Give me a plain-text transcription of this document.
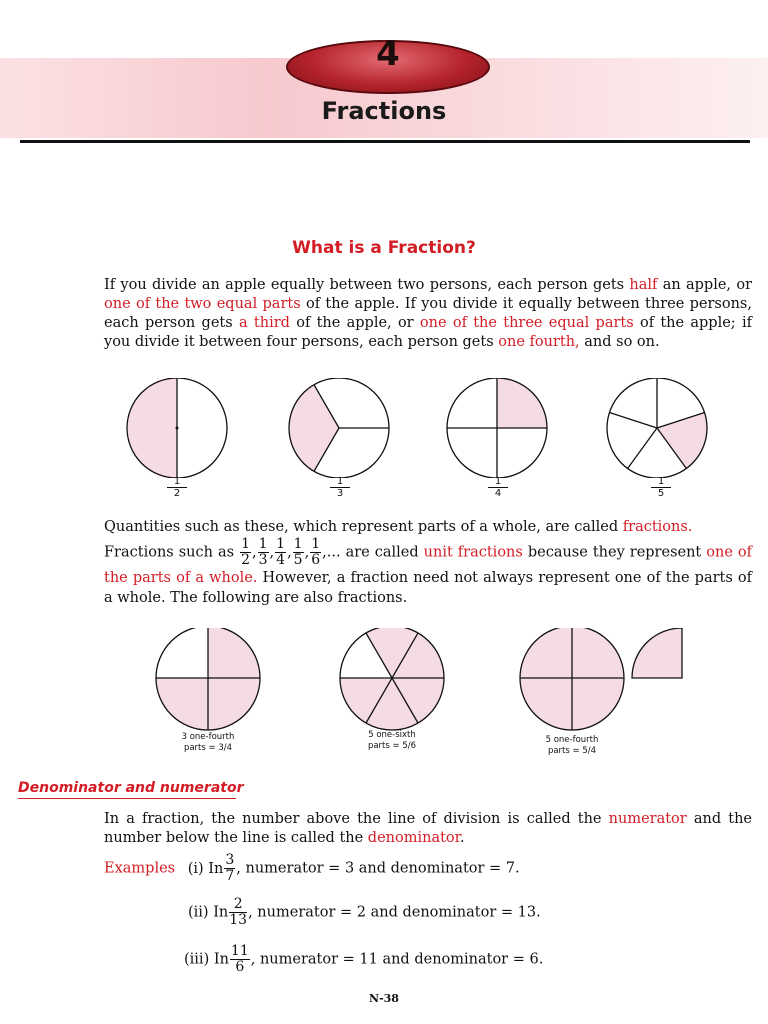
4
Fractions
What is a Fraction?
If you divide an apple equally between two persons, each person gets half an apple, or one of the two equal parts of the apple. If you divide it equally between three persons, each person gets a third of the apple, or one of the three equal parts of the apple; if you divide it between four persons, each person gets one fourth, and so on.
$\frac{1}{2}$	$\frac{1}{3}$	$\frac{1}{4}$	$\frac{1}{5}$
Quantities such as these, which represent parts of a whole, are called fractions.
Fractions such as $\frac{1}{2}$ , $\frac{1}{3}$ , $\frac{1}{4}$ , $\frac{1}{5}$ , $\frac{1}{6}$ ,... are called unit fractions because they represent one of the parts of a whole. However, a fraction need not always represent one of the parts of a whole. The following are also fractions.
3 one-fourth
parts = 3/4
5 one-sixth
parts = 5/6
5 one-fourth
parts = 5/4
Denominator and numerator
In a fraction, the number above the line of division is called the numerator and the number below the line is called the denominator.
Examples (i) In $\frac{3}{7}$ , numerator = 3 and denominator = 7.
(ii) In $\frac{2}{13}$ , numerator = 2 and denominator = 13.
(iii) In $\frac{11}{6}$ , numerator = 11 and denominator = 6.
N-38
